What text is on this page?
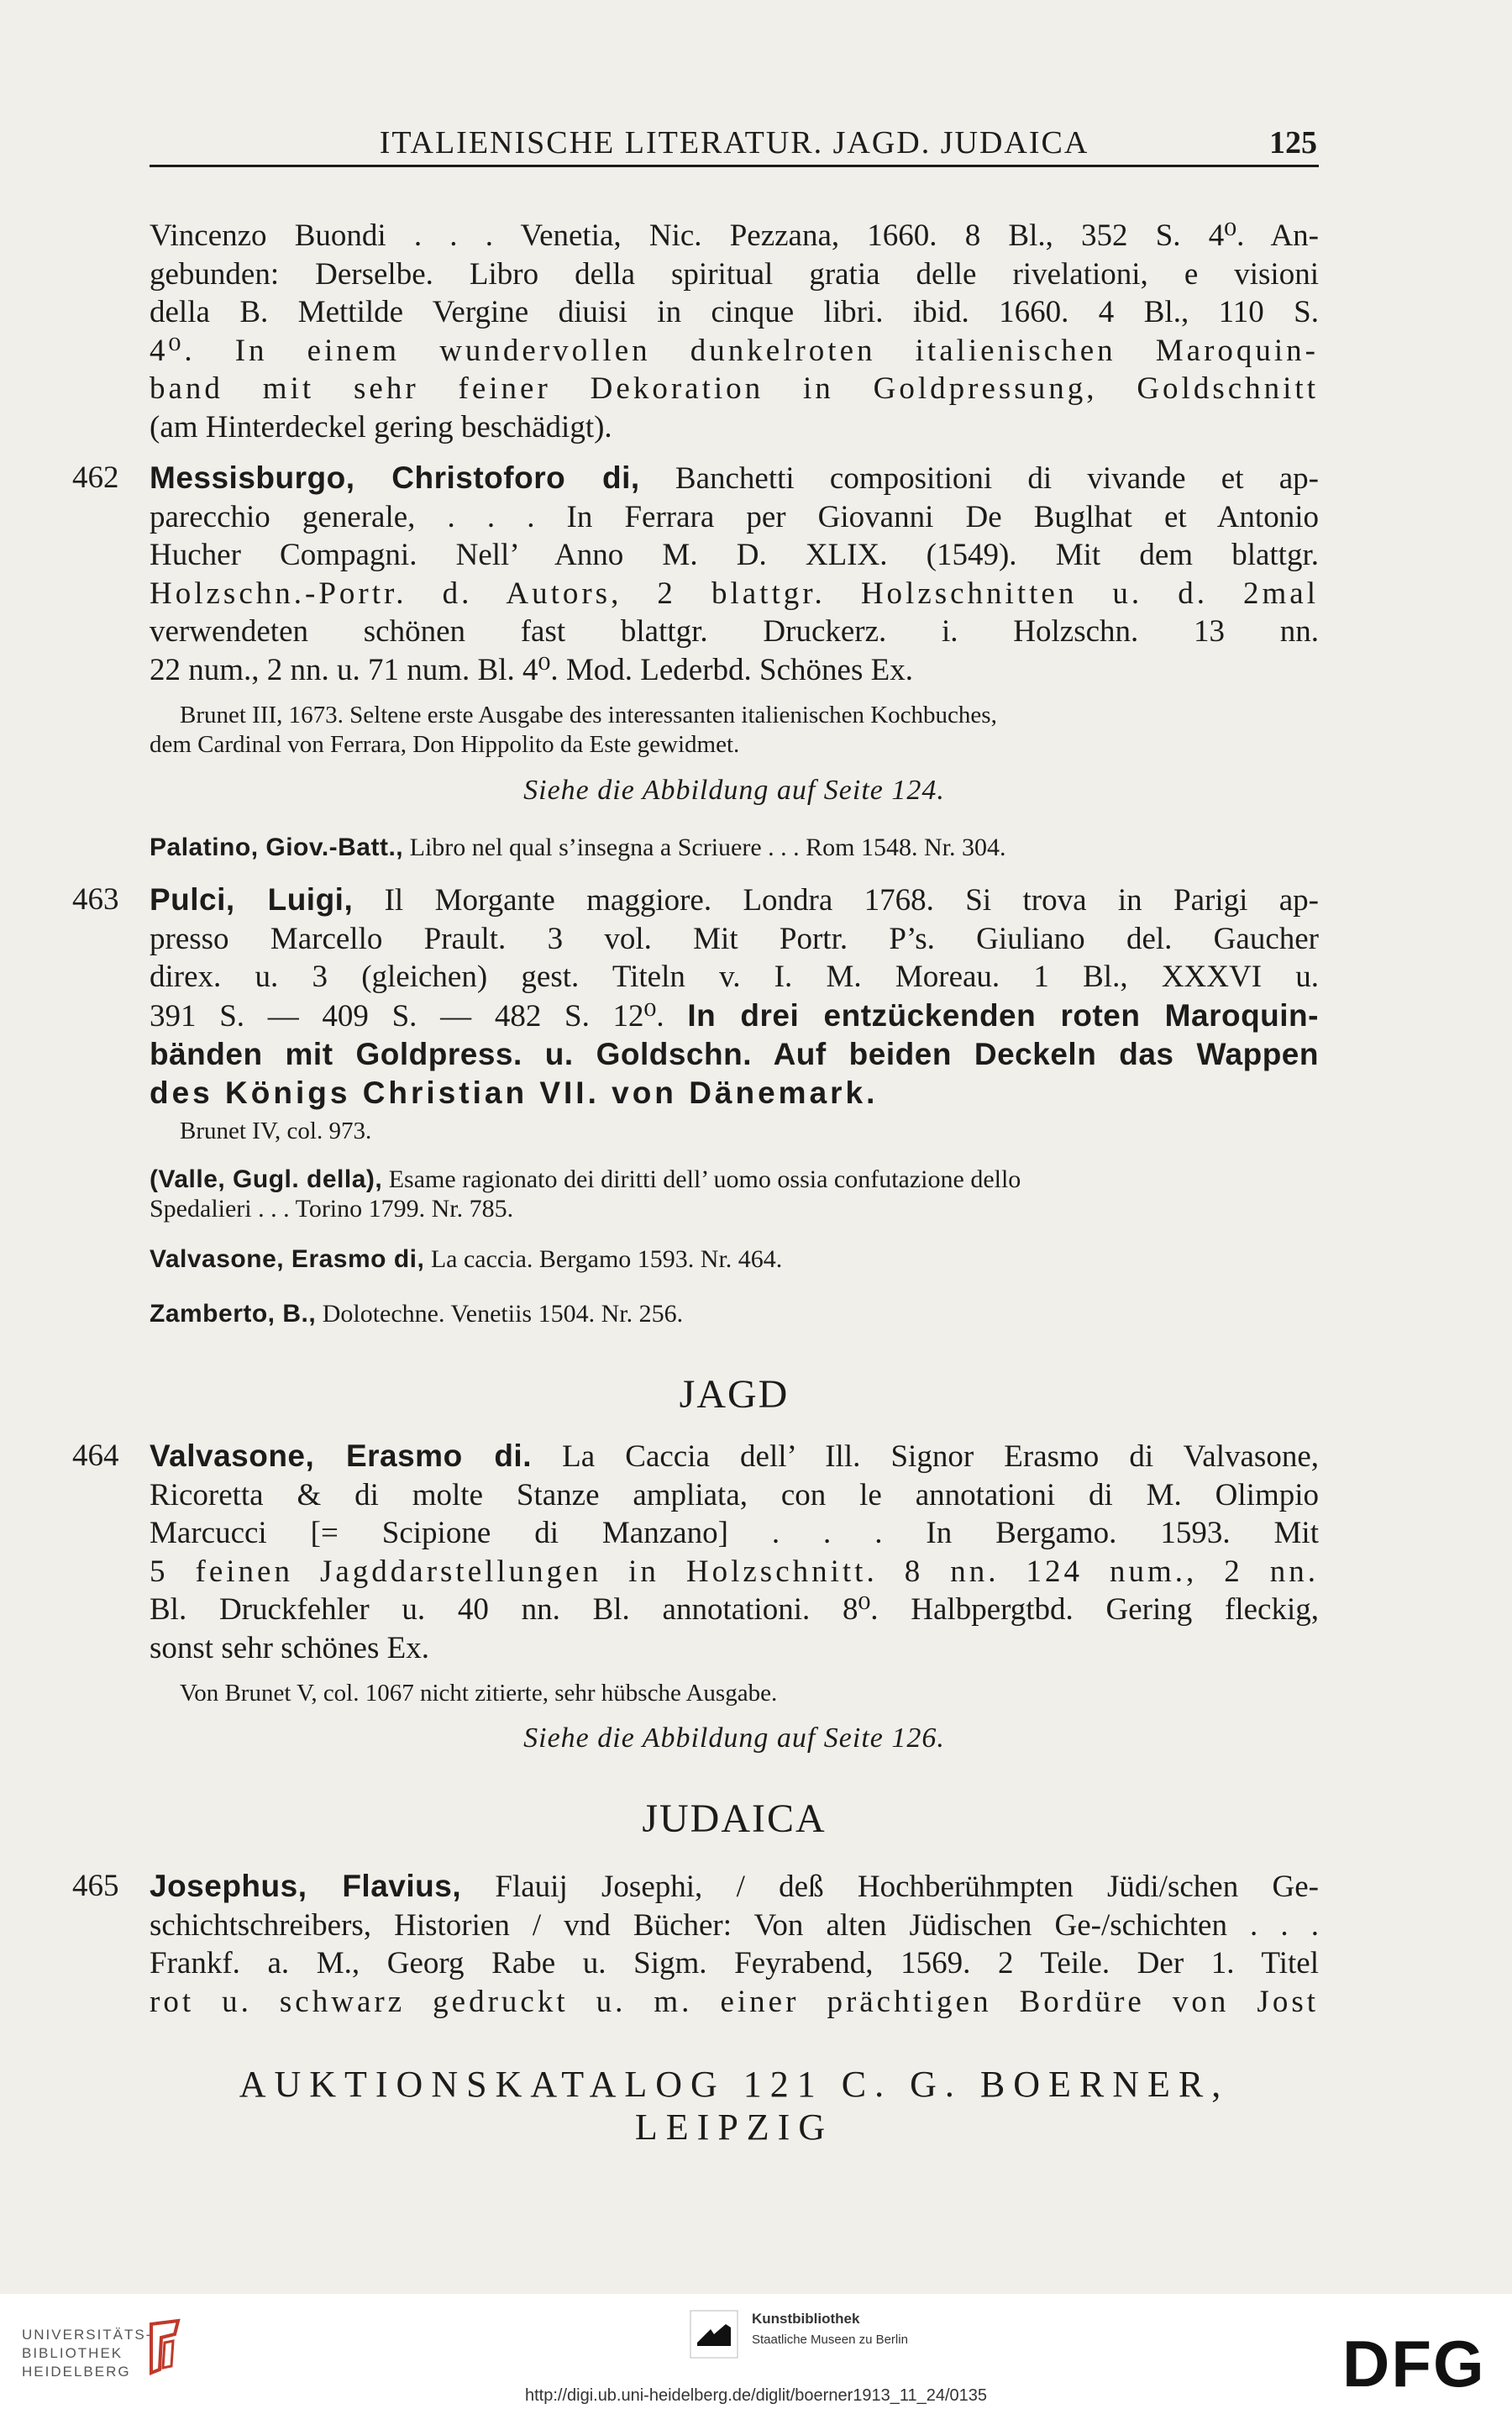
ITALIENISCHE LITERATUR. JAGD. JUDAICA	125

Vincenzo Buondi . . . Venetia, Nic. Pezzana, 1660. 8 Bl., 352 S. 4⁰. An-

gebunden: Derselbe. Libro della spiritual gratia delle rivelationi, e visioni

della B. Mettilde Vergine diuisi in cinque libri. ibid. 1660. 4 Bl., 110 S.

4⁰. In einem wundervollen dunkelroten italienischen Maroquin-

band mit sehr feiner Dekoration in Goldpressung, Goldschnitt

(am Hinterdeckel gering beschädigt).

462 Messisburgo, Christoforo di, Banchetti compositioni di vivande et ap-

parecchio generale, . . . In Ferrara per Giovanni De Buglhat et Antonio

Hucher Compagni. Nell’ Anno M. D. XLIX. (1549). Mit dem blattgr.

Holzschn.-Portr. d. Autors, 2 blattgr. Holzschnitten u. d. 2mal

verwendeten schönen fast blattgr. Druckerz. i. Holzschn. 13 nn.

22 num., 2 nn. u. 71 num. Bl. 4⁰. Mod. Lederbd. Schönes Ex.

Brunet III, 1673. Seltene erste Ausgabe des interessanten italienischen Kochbuches,

dem Cardinal von Ferrara, Don Hippolito da Este gewidmet.

Siehe die Abbildung auf Seite 124.
Palatino, Giov.-Batt., Libro nel qual s’insegna a Scriuere . . . Rom 1548. Nr. 304.
463 Pulci, Luigi, Il Morgante maggiore. Londra 1768. Si trova in Parigi ap-

presso Marcello Prault. 3 vol. Mit Portr. P’s. Giuliano del. Gaucher

direx. u. 3 (gleichen) gest. Titeln v. I. M. Moreau. 1 Bl., XXXVI u.

391 S. — 409 S. — 482 S. 12⁰. In drei entzückenden roten Maroquin-

bänden mit Goldpress. u. Goldschn. Auf beiden Deckeln das Wappen

des Königs Christian VII. von Dänemark.

Brunet IV, col. 973.

(Valle, Gugl. della), Esame ragionato dei diritti dell’ uomo ossia confutazione dello

Spedalieri . . . Torino 1799. Nr. 785.

Valvasone, Erasmo di, La caccia. Bergamo 1593. Nr. 464.
Zamberto, B., Dolotechne. Venetiis 1504. Nr. 256.
JAGD
464 Valvasone, Erasmo di. La Caccia dell’ Ill. Signor Erasmo di Valvasone,

Ricoretta & di molte Stanze ampliata, con le annotationi di M. Olimpio

Marcucci [= Scipione di Manzano] . . . In Bergamo. 1593. Mit

5 feinen Jagddarstellungen in Holzschnitt. 8 nn. 124 num., 2 nn.

Bl. Druckfehler u. 40 nn. Bl. annotationi. 8⁰. Halbpergtbd. Gering fleckig,

sonst sehr schönes Ex.

Von Brunet V, col. 1067 nicht zitierte, sehr hübsche Ausgabe.

Siehe die Abbildung auf Seite 126.
JUDAICA
465 Josephus, Flavius, Flauij Josephi, / deß Hochberühmpten Jüdi/schen Ge-

schichtschreibers, Historien / vnd Bücher: Von alten Jüdischen Ge-/schichten . . .

Frankf. a. M., Georg Rabe u. Sigm. Feyrabend, 1569. 2 Teile. Der 1. Titel

rot u. schwarz gedruckt u. m. einer prächtigen Bordüre von Jost

AUKTIONSKATALOG 121 C. G. BOERNER, LEIPZIG
UNIVERSITÄTS-
BIBLIOTHEK
HEIDELBERG
Kunstbibliothek
Staatliche Museen zu Berlin	DFG
http://digi.ub.uni-heidelberg.de/diglit/boerner1913_11_24/0135
